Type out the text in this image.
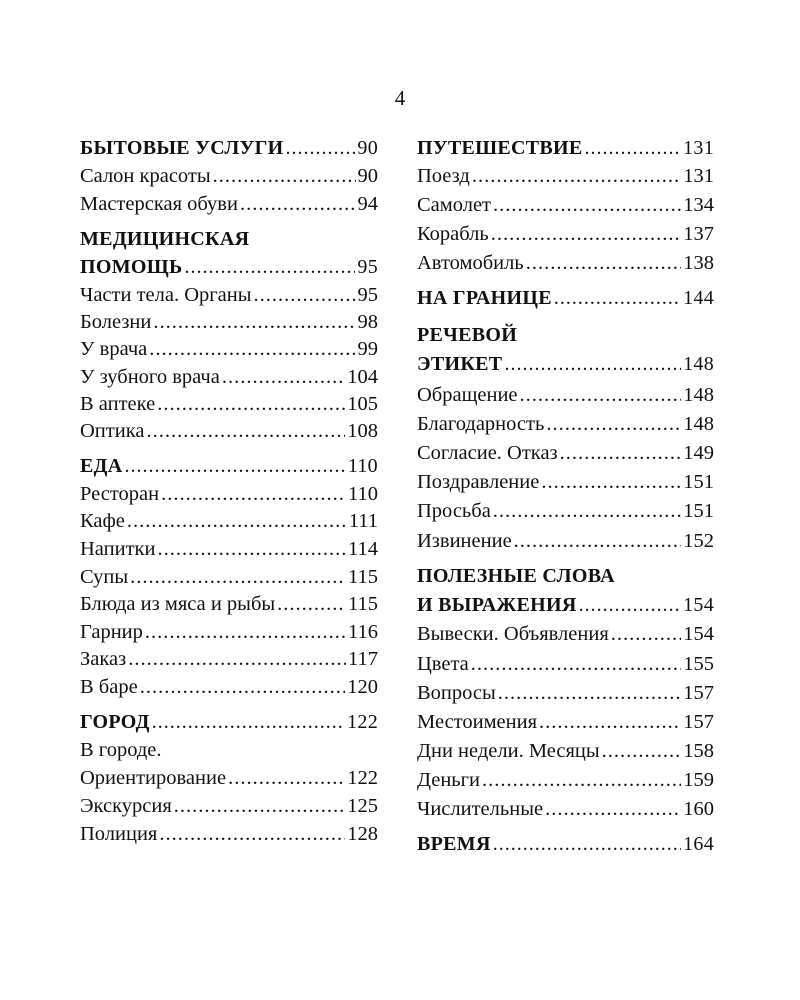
4
БЫТОВЫЕ УСЛУГИ .....	90
Салон красоты .....	90
Мастерская обуви .....	94
МЕДИЦИНСКАЯ
ПОМОЩЬ .....	95
Части тела. Органы .....	95
Болезни .....	98
У врача .....	99
У зубного врача .....	104
В аптеке .....	105
Оптика .....	108
ЕДА .....	110
Ресторан .....	110
Кафе .....	111
Напитки .....	114
Супы .....	115
Блюда из мяса и рыбы .....	115
Гарнир .....	116
Заказ .....	117
В баре .....	120
ГОРОД .....	122
В городе.
Ориентирование .....	122
Экскурсия .....	125
Полиция .....	128
ПУТЕШЕСТВИЕ .....	131
Поезд .....	131
Самолет .....	134
Корабль .....	137
Автомобиль .....	138
НА ГРАНИЦЕ .....	144
РЕЧЕВОЙ
ЭТИКЕТ .....	148
Обращение .....	148
Благодарность .....	148
Согласие. Отказ .....	149
Поздравление .....	151
Просьба .....	151
Извинение .....	152
ПОЛЕЗНЫЕ СЛОВА
И ВЫРАЖЕНИЯ .....	154
Вывески. Объявления .....	154
Цвета .....	155
Вопросы .....	157
Местоимения .....	157
Дни недели. Месяцы .....	158
Деньги .....	159
Числительные .....	160
ВРЕМЯ .....	164
